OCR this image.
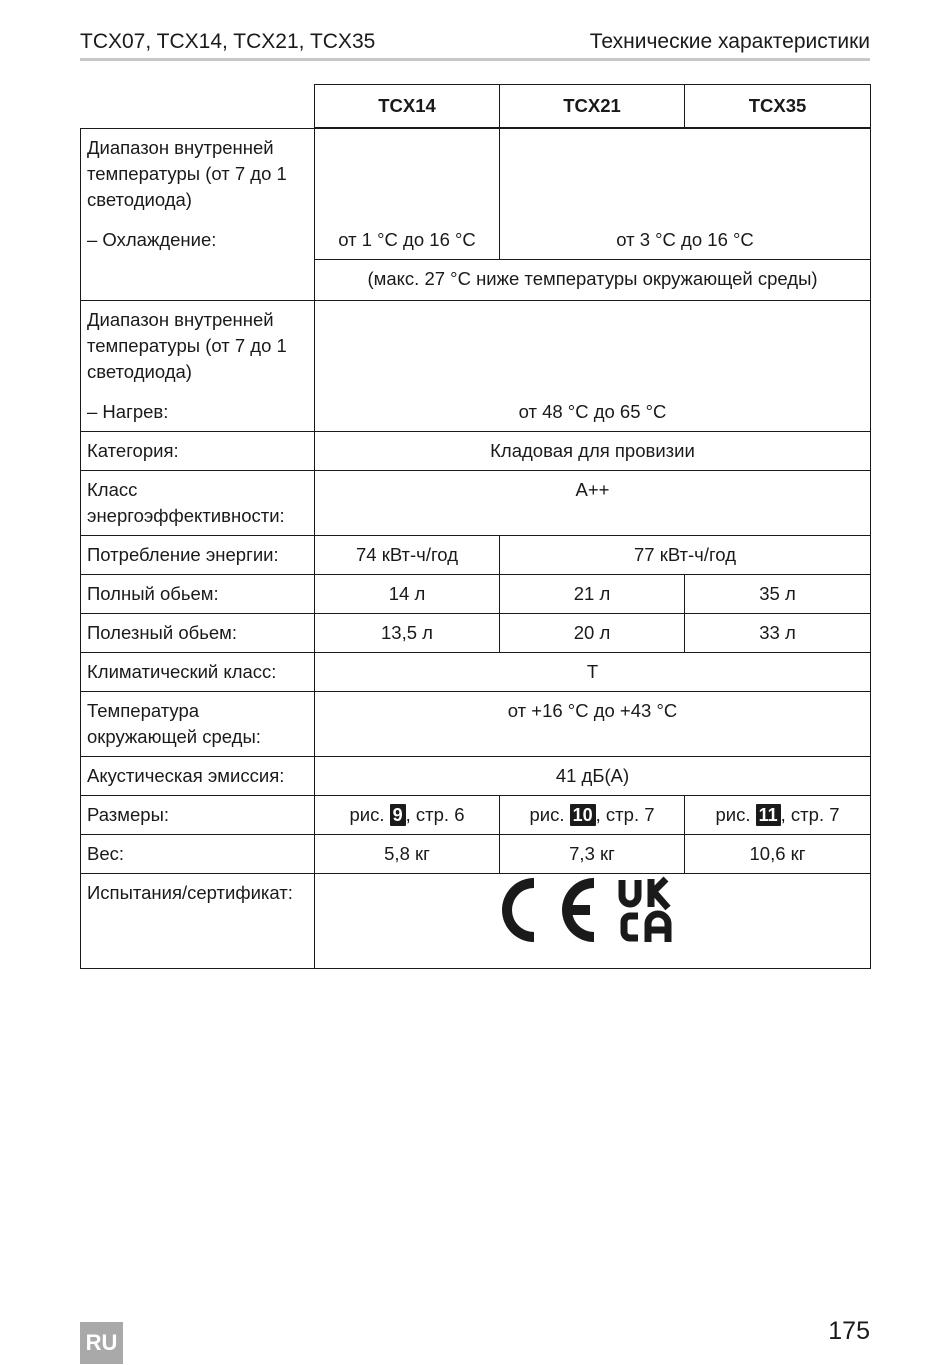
TCX07, TCX14, TCX21, TCX35	Технические характеристики
	TCX14	TCX21	TCX35

Диапазон внутренней температуры (от 7 до 1 светодиода)
– Охлаждение:	от 1 °C до 16 °C	от 3 °C до 16 °C	
	(макс. 27 °C ниже температуры окружающей среды)		

Диапазон внутренней температуры (от 7 до 1 светодиода)
– Нагрев:	от 48 °C до 65 °C		
Категория:	Кладовая для провизии		
Класс энергоэффективности:	A++		
Потребление энергии:	74 кВт-ч/год	77 кВт-ч/год	
Полный обьем:	14 л	21 л	35 л
Полезный обьем:	13,5 л	20 л	33 л
Климатический класс:	T		
Температура окружающей среды:	от +16 °C до +43 °C		
Акустическая эмиссия:	41 дБ(A)		
Размеры:	рис. 9 , стр. 6	рис. 10 , стр. 7	рис. 11 , стр. 7
Вес:	5,8 кг	7,3 кг	10,6 кг
Испытания/сертификат:	
RU	175
